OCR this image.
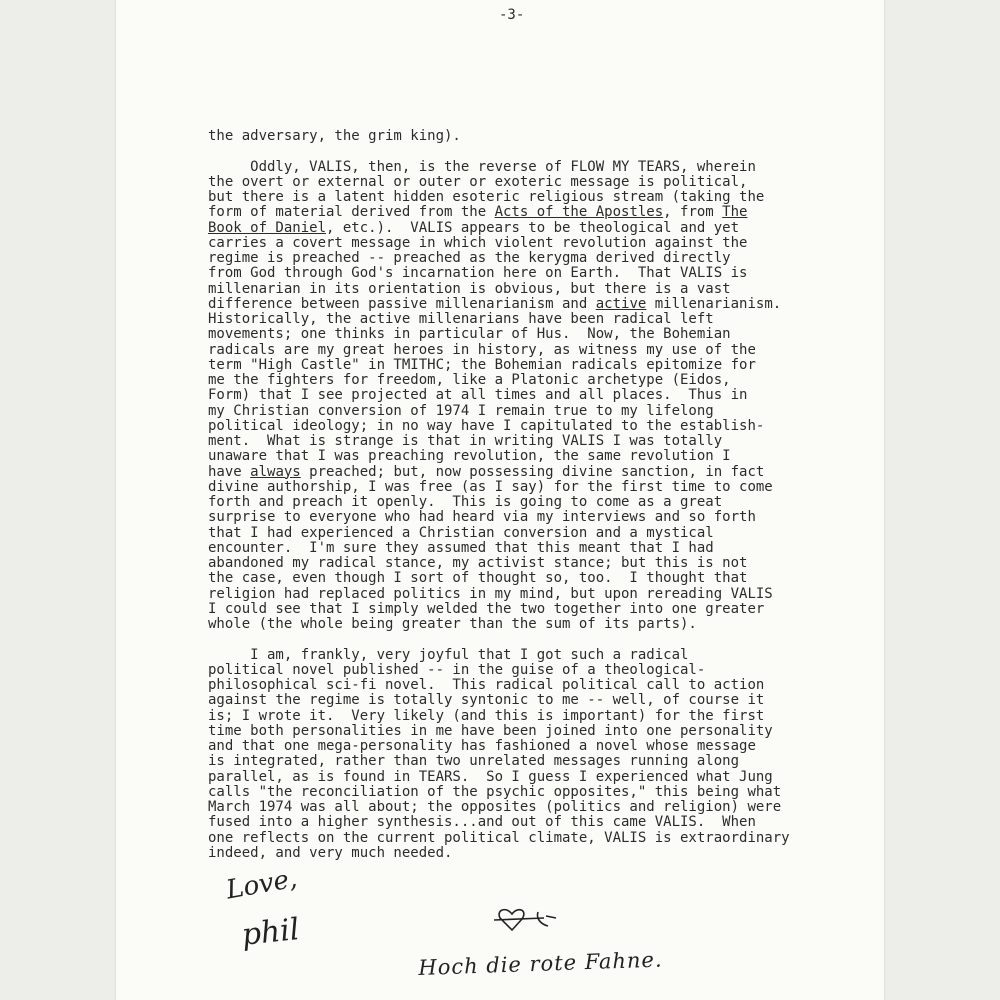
-3-
the adversary, the grim king).

Oddly, VALIS, then, is the reverse of FLOW MY TEARS, wherein
the overt or external or outer or exoteric message is political,
but there is a latent hidden esoteric religious stream (taking the
form of material derived from the Acts of the Apostles, from The
Book of Daniel, etc.).  VALIS appears to be theological and yet
carries a covert message in which violent revolution against the
regime is preached -- preached as the kerygma derived directly
from God through God's incarnation here on Earth.  That VALIS is
millenarian in its orientation is obvious, but there is a vast
difference between passive millenarianism and active millenarianism.
Historically, the active millenarians have been radical left
movements; one thinks in particular of Hus.  Now, the Bohemian
radicals are my great heroes in history, as witness my use of the
term "High Castle" in TMITHC; the Bohemian radicals epitomize for
me the fighters for freedom, like a Platonic archetype (Eidos,
Form) that I see projected at all times and all places.  Thus in
my Christian conversion of 1974 I remain true to my lifelong
political ideology; in no way have I capitulated to the establish-
ment.  What is strange is that in writing VALIS I was totally
unaware that I was preaching revolution, the same revolution I
have always preached; but, now possessing divine sanction, in fact
divine authorship, I was free (as I say) for the first time to come
forth and preach it openly.  This is going to come as a great
surprise to everyone who had heard via my interviews and so forth
that I had experienced a Christian conversion and a mystical
encounter.  I'm sure they assumed that this meant that I had
abandoned my radical stance, my activist stance; but this is not
the case, even though I sort of thought so, too.  I thought that
religion had replaced politics in my mind, but upon rereading VALIS
I could see that I simply welded the two together into one greater
whole (the whole being greater than the sum of its parts).

I am, frankly, very joyful that I got such a radical
political novel published -- in the guise of a theological-
philosophical sci-fi novel.  This radical political call to action
against the regime is totally syntonic to me -- well, of course it
is; I wrote it.  Very likely (and this is important) for the first
time both personalities in me have been joined into one personality
and that one mega-personality has fashioned a novel whose message
is integrated, rather than two unrelated messages running along
parallel, as is found in TEARS.  So I guess I experienced what Jung
calls "the reconciliation of the psychic opposites," this being what
March 1974 was all about; the opposites (politics and religion) were
fused into a higher synthesis...and out of this came VALIS.  When
one reflects on the current political climate, VALIS is extraordinary
indeed, and very much needed.
Love,
phil
Hoch die rote Fahne.
